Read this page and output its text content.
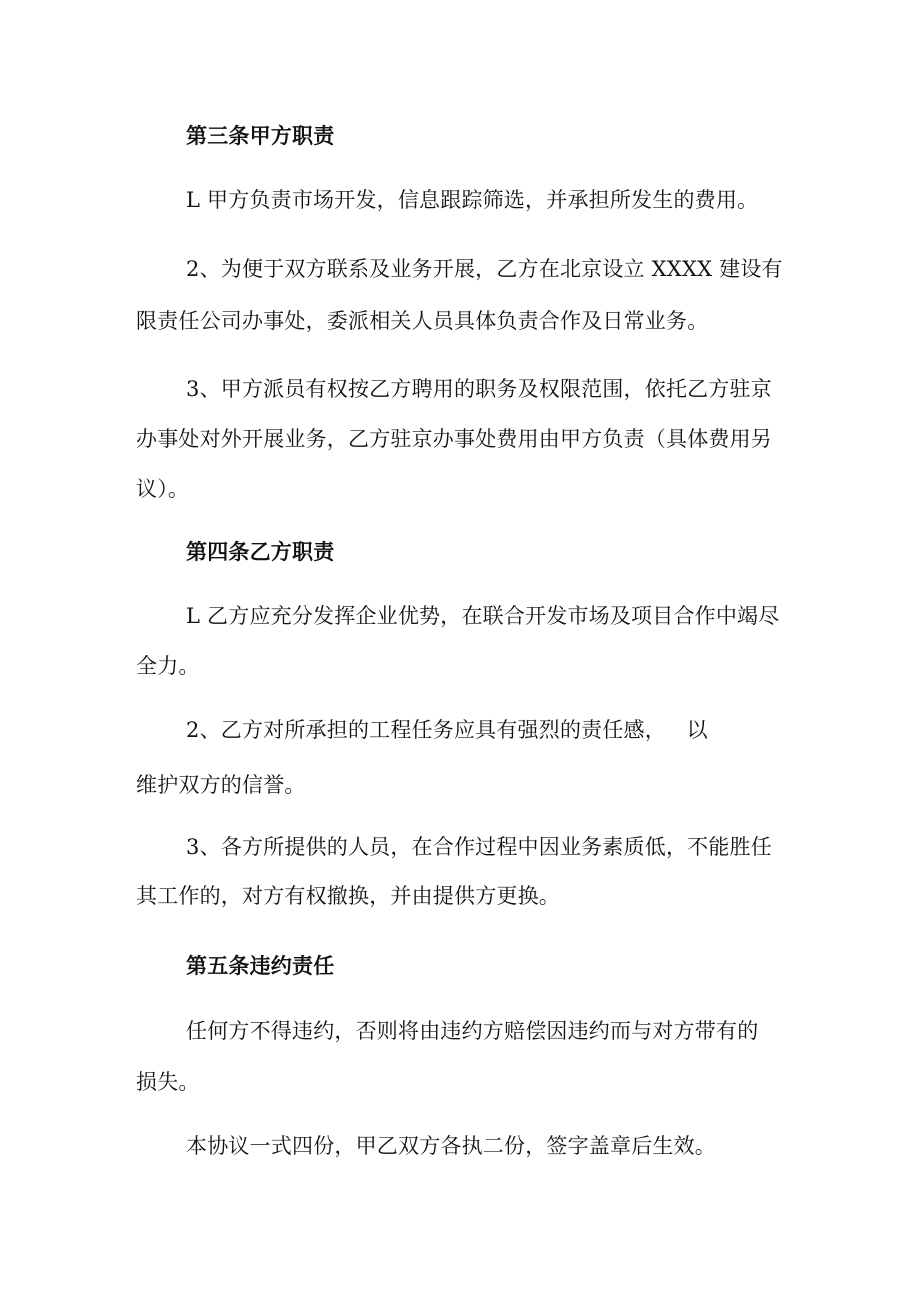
第三条甲方职责
L 甲方负责市场开发，信息跟踪筛选，并承担所发生的费用。
2、为便于双方联系及业务开展，乙方在北京设立 XXXX 建设有
限责任公司办事处，委派相关人员具体负责合作及日常业务。
3、甲方派员有权按乙方聘用的职务及权限范围，依托乙方驻京
办事处对外开展业务，乙方驻京办事处费用由甲方负责（具体费用另
议）。
第四条乙方职责
L 乙方应充分发挥企业优势，在联合开发市场及项目合作中竭尽
全力。
2、乙方对所承担的工程任务应具有强烈的责任感，   以
维护双方的信誉。
3、各方所提供的人员，在合作过程中因业务素质低，不能胜任
其工作的，对方有权撤换，并由提供方更换。
第五条违约责任
任何方不得违约，否则将由违约方赔偿因违约而与对方带有的
损失。
本协议一式四份，甲乙双方各执二份，签字盖章后生效。
